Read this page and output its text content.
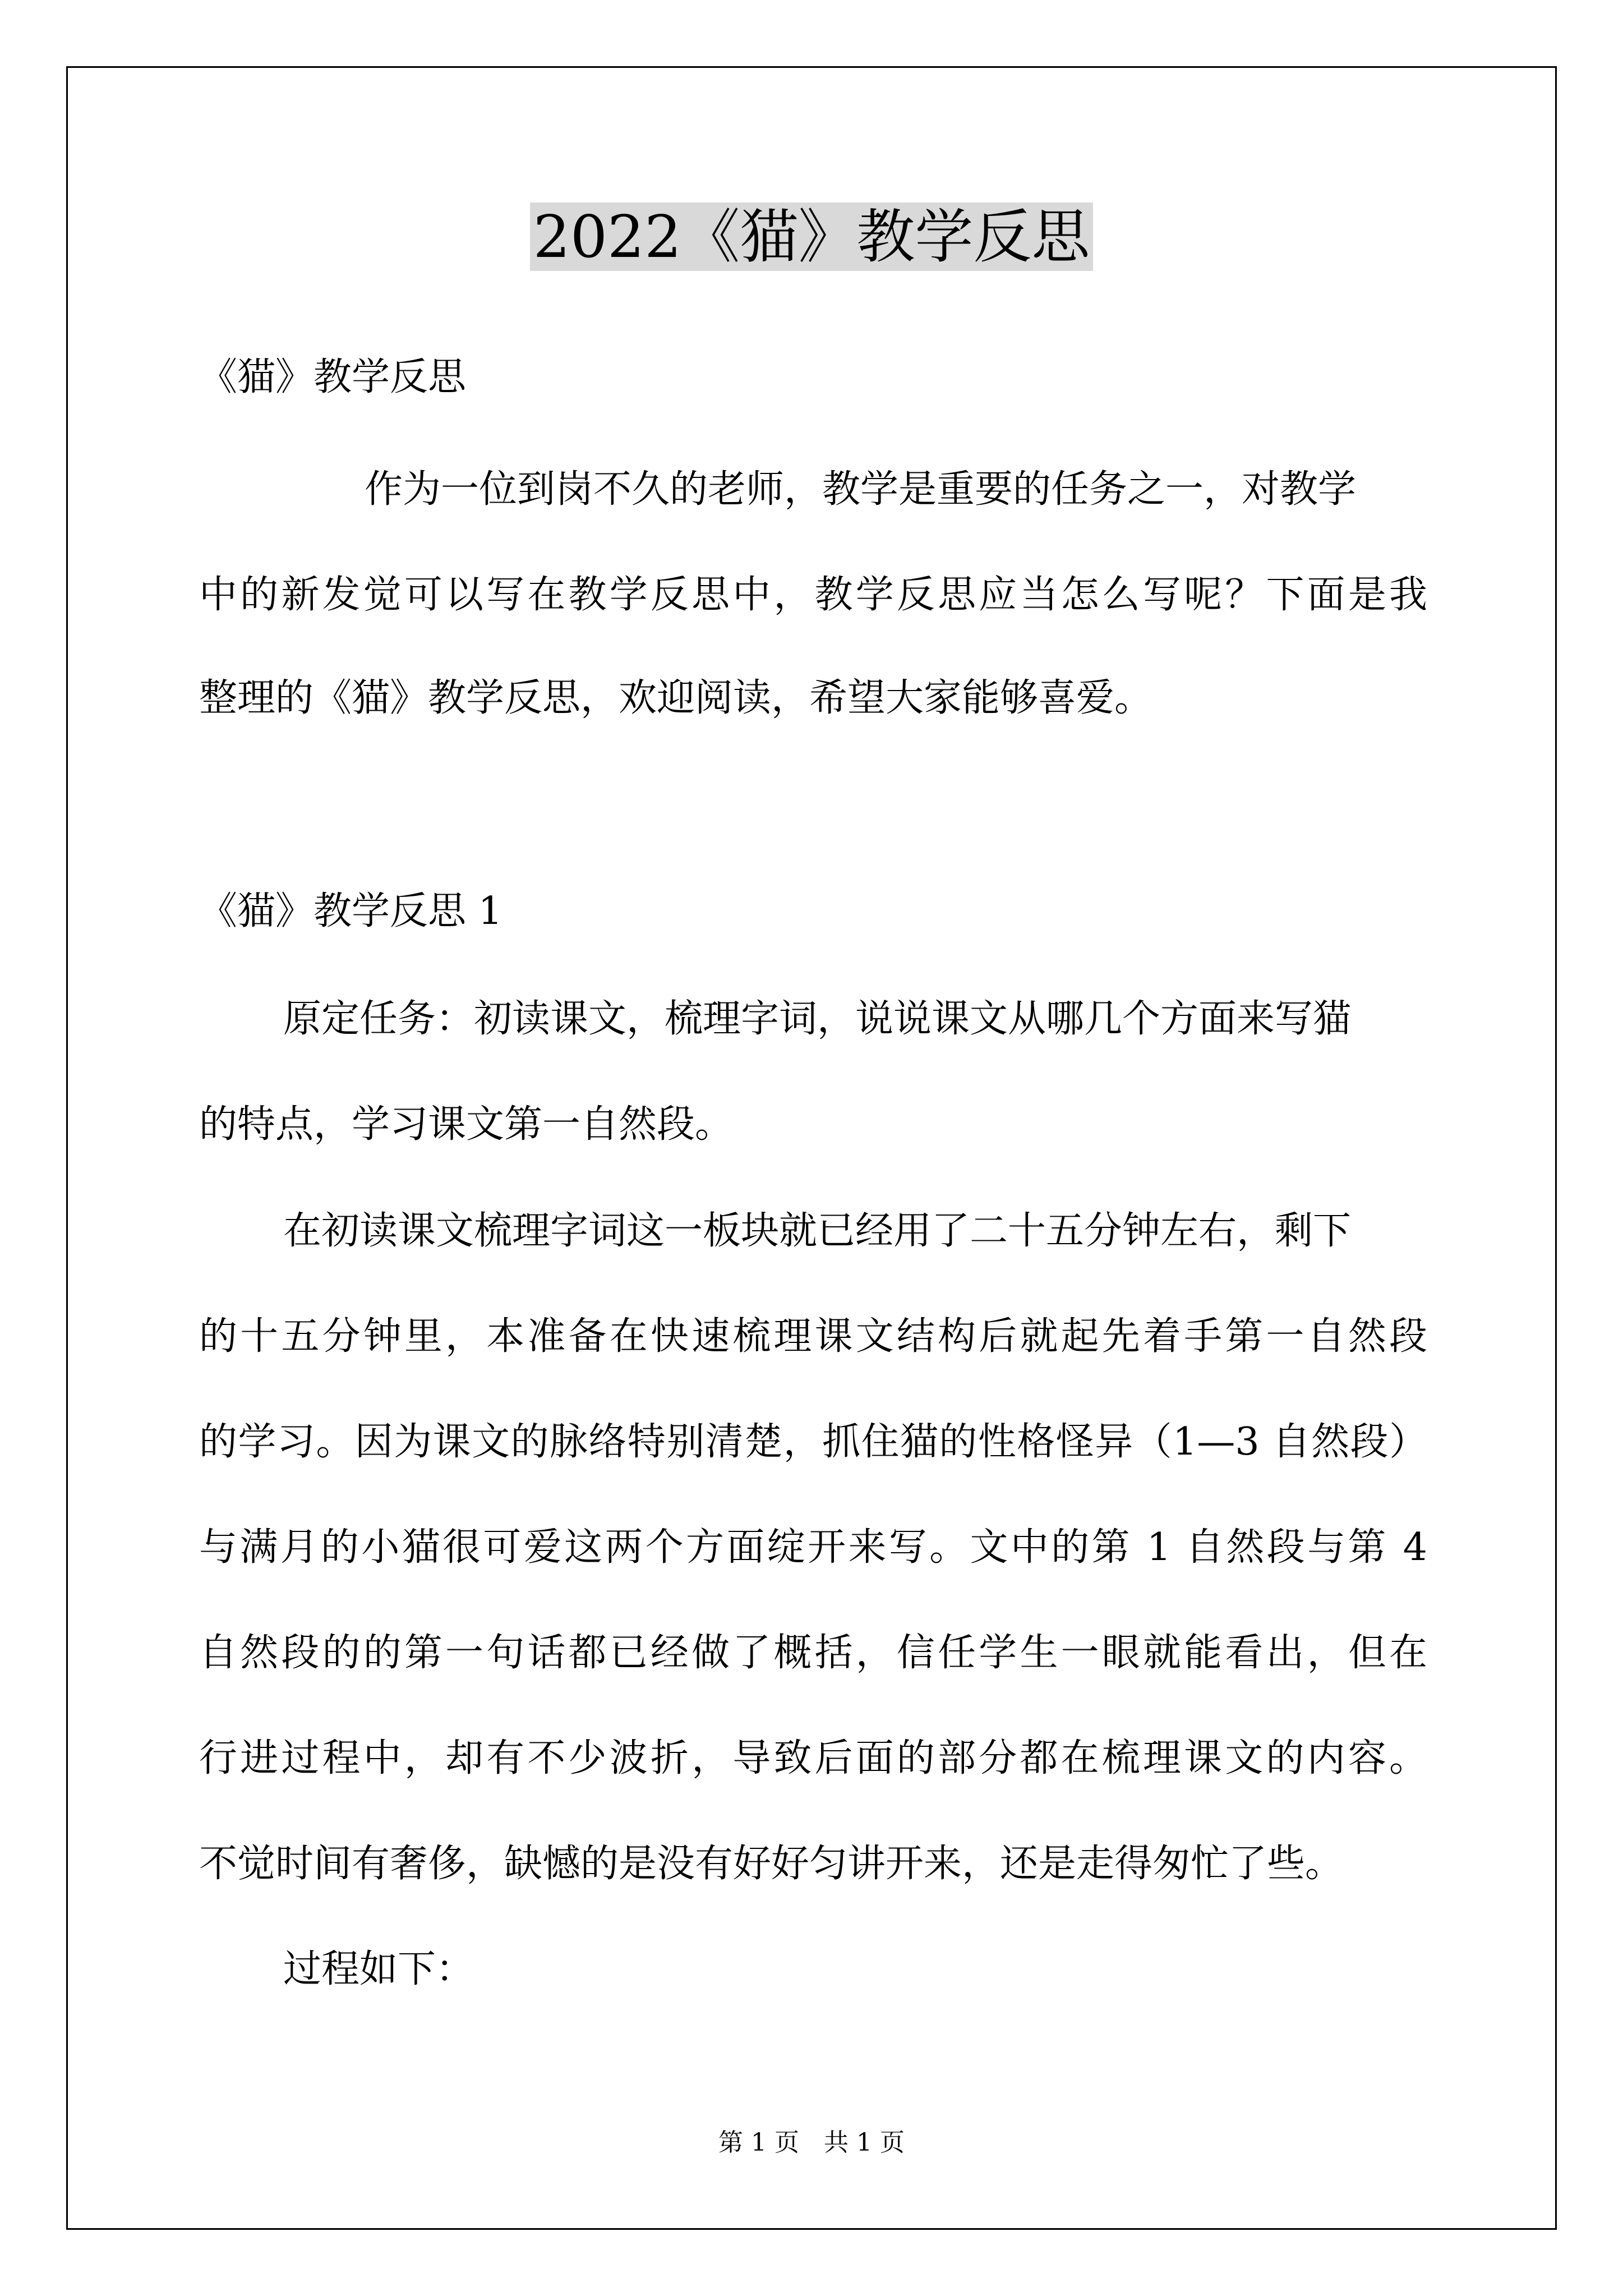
2022《猫》教学反思
《猫》教学反思
作为一位到岗不久的老师，教学是重要的任务之一，对教学
中的新发觉可以写在教学反思中，教学反思应当怎么写呢？下面是我
整理的《猫》教学反思，欢迎阅读，希望大家能够喜爱。
《猫》教学反思 1
原定任务：初读课文，梳理字词，说说课文从哪几个方面来写猫
的特点，学习课文第一自然段。
在初读课文梳理字词这一板块就已经用了二十五分钟左右，剩下
的十五分钟里，本准备在快速梳理课文结构后就起先着手第一自然段
的学习。因为课文的脉络特别清楚，抓住猫的性格怪异（1—3 自然段）
与满月的小猫很可爱这两个方面绽开来写。文中的第 1 自然段与第 4
自然段的的第一句话都已经做了概括，信任学生一眼就能看出，但在
行进过程中，却有不少波折，导致后面的部分都在梳理课文的内容。
不觉时间有奢侈，缺憾的是没有好好匀讲开来，还是走得匆忙了些。
过程如下：
第 1 页　共 1 页
